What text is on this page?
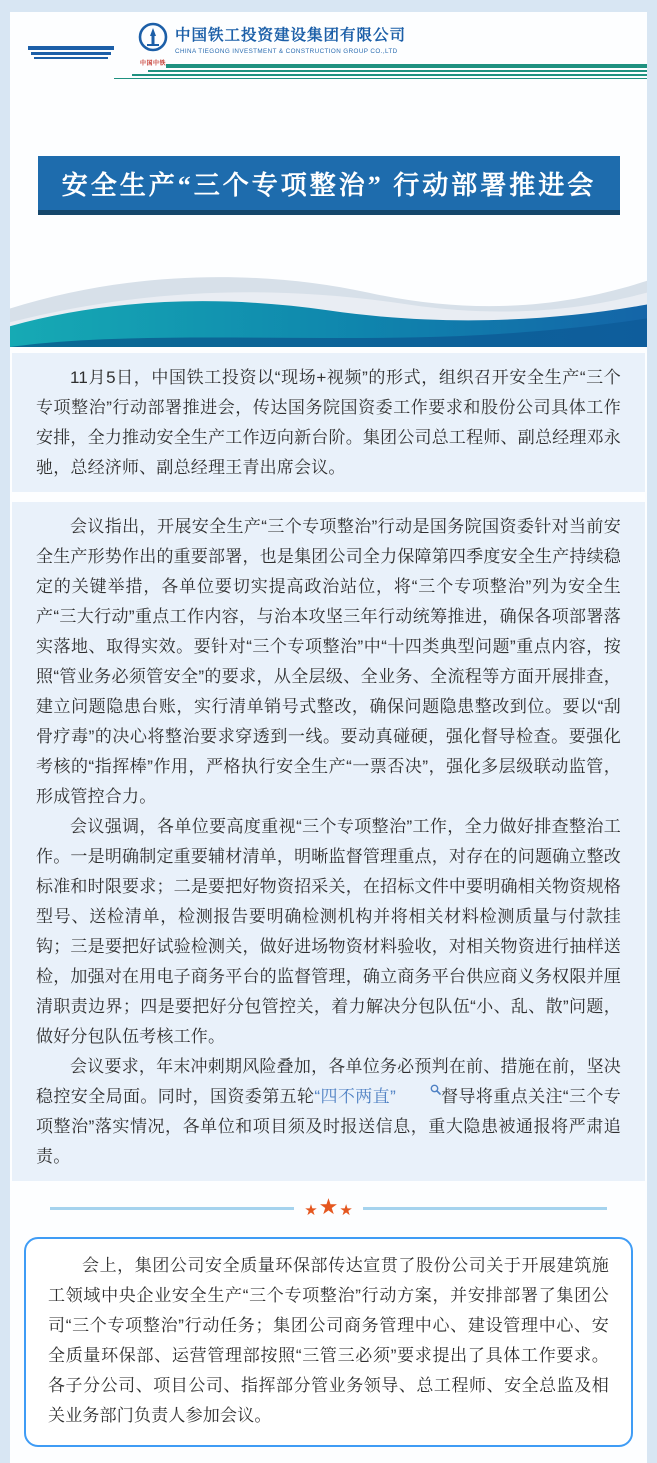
中国中铁
中国铁工投资建设集团有限公司
CHINA TIEGONG INVESTMENT & CONSTRUCTION GROUP CO.,LTD
安全生产“三个专项整治” 行动部署推进会

11月5日，中国铁工投资以“现场+视频”的形式，组织召开安全生产“三个专项整治”行动部署推进会，传达国务院国资委工作要求和股份公司具体工作安排，全力推动安全生产工作迈向新台阶。集团公司总工程师、副总经理邓永驰，总经济师、副总经理王青出席会议。

会议指出，开展安全生产“三个专项整治”行动是国务院国资委针对当前安全生产形势作出的重要部署，也是集团公司全力保障第四季度安全生产持续稳定的关键举措，各单位要切实提高政治站位，将“三个专项整治”列为安全生产“三大行动”重点工作内容，与治本攻坚三年行动统筹推进，确保各项部署落实落地、取得实效。要针对“三个专项整治”中“十四类典型问题”重点内容，按照“管业务必须管安全”的要求，从全层级、全业务、全流程等方面开展排查，建立问题隐患台账，实行清单销号式整改，确保问题隐患整改到位。要以“刮骨疗毒”的决心将整治要求穿透到一线。要动真碰硬，强化督导检查。要强化考核的“指挥棒”作用，严格执行安全生产“一票否决”，强化多层级联动监管，形成管控合力。

会议强调，各单位要高度重视“三个专项整治”工作，全力做好排查整治工作。一是明确制定重要辅材清单，明晰监督管理重点，对存在的问题确立整改标准和时限要求；二是要把好物资招采关，在招标文件中要明确相关物资规格型号、送检清单，检测报告要明确检测机构并将相关材料检测质量与付款挂钩；三是要把好试验检测关，做好进场物资材料验收，对相关物资进行抽样送检，加强对在用电子商务平台的监督管理，确立商务平台供应商义务权限并厘清职责边界；四是要把好分包管控关，着力解决分包队伍“小、乱、散”问题，做好分包队伍考核工作。

会议要求，年末冲刺期风险叠加，各单位务必预判在前、措施在前，坚决稳控安全局面。同时，国资委第五轮“四不两直”	督导将重点关注“三个专项整治”落实情况，各单位和项目须及时报送信息，重大隐患被通报将严肃追责。

★ ★ ★

会上，集团公司安全质量环保部传达宣贯了股份公司关于开展建筑施工领域中央企业安全生产“三个专项整治”行动方案，并安排部署了集团公司“三个专项整治”行动任务；集团公司商务管理中心、建设管理中心、安全质量环保部、运营管理部按照“三管三必须”要求提出了具体工作要求。各子分公司、项目公司、指挥部分管业务领导、总工程师、安全总监及相关业务部门负责人参加会议。
